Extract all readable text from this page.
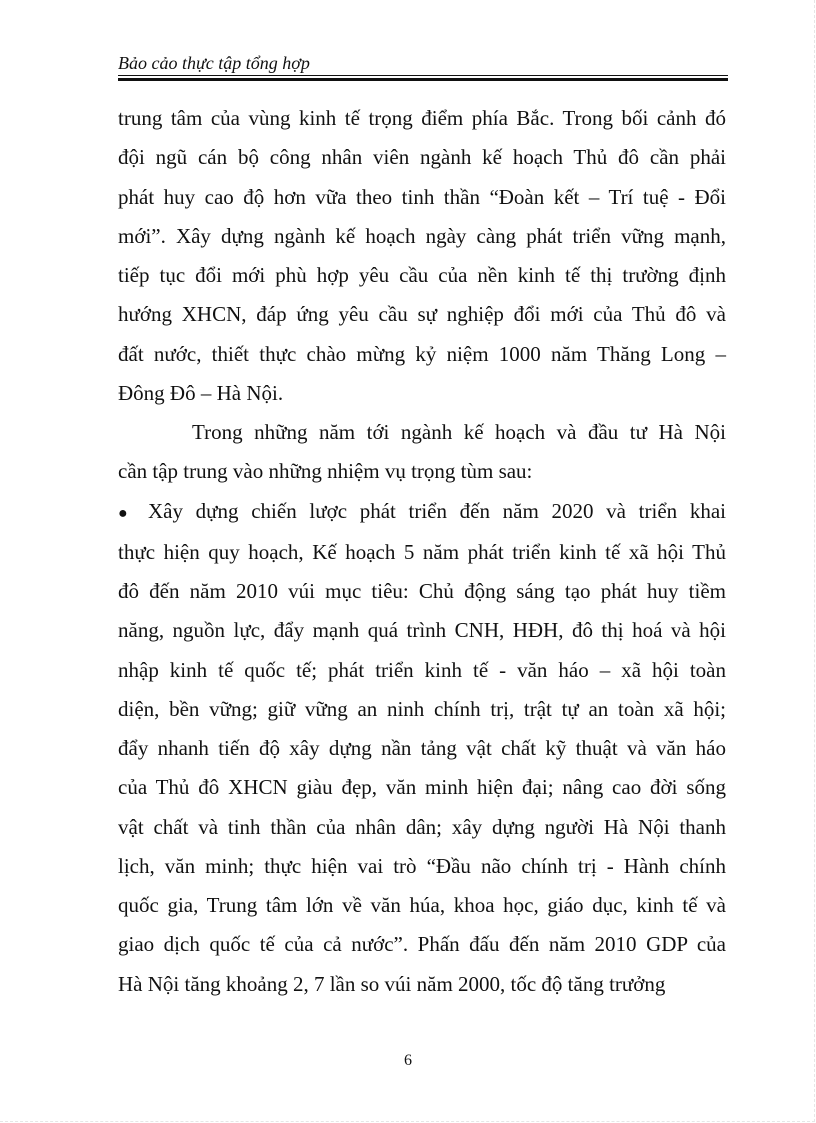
Bảo cảo thực tập tổng hợp
trung tâm của vùng kinh tế trọng điểm phía Bắc. Trong bối cảnh đó
đội ngũ cán bộ công nhân viên ngành kế hoạch Thủ đô cần phải
phát huy cao độ hơn vữa theo tinh thần “Đoàn kết – Trí tuệ - Đổi
mới”. Xây dựng ngành kế hoạch ngày càng phát triển vững mạnh,
tiếp tục đổi mới phù hợp yêu cầu của nền kinh tế thị trường định
hướng XHCN, đáp ứng yêu cầu sự nghiệp đổi mới của Thủ đô và
đất nước, thiết thực chào mừng kỷ niệm 1000 năm Thăng Long –
Đông Đô – Hà Nội.
Trong những năm tới ngành kế hoạch và đầu tư Hà Nội
cần tập trung vào những nhiệm vụ trọng tùm sau:
● Xây dựng chiến lược phát triển đến năm 2020 và triển khai
thực hiện quy hoạch, Kế hoạch 5 năm phát triển kinh tế xã hội Thủ
đô đến năm 2010 vúi mục tiêu: Chủ động sáng tạo phát huy tiềm
năng, nguồn lực, đẩy mạnh quá trình CNH, HĐH, đô thị hoá và hội
nhập kinh tế quốc tế; phát triển kinh tế - văn háo – xã hội toàn
diện, bền vững; giữ vững an ninh chính trị, trật tự an toàn xã hội;
đẩy nhanh tiến độ xây dựng nần tảng vật chất kỹ thuật và văn háo
của Thủ đô XHCN giàu đẹp, văn minh hiện đại; nâng cao đời sống
vật chất và tinh thần của nhân dân; xây dựng người Hà Nội thanh
lịch, văn minh; thực hiện vai trò “Đầu não chính trị - Hành chính
quốc gia, Trung tâm lớn về văn húa, khoa học, giáo dục, kinh tế và
giao dịch quốc tế của cả nước”. Phấn đấu đến năm 2010 GDP của
Hà Nội tăng khoảng 2, 7 lần so vúi năm 2000, tốc độ tăng trưởng
6
